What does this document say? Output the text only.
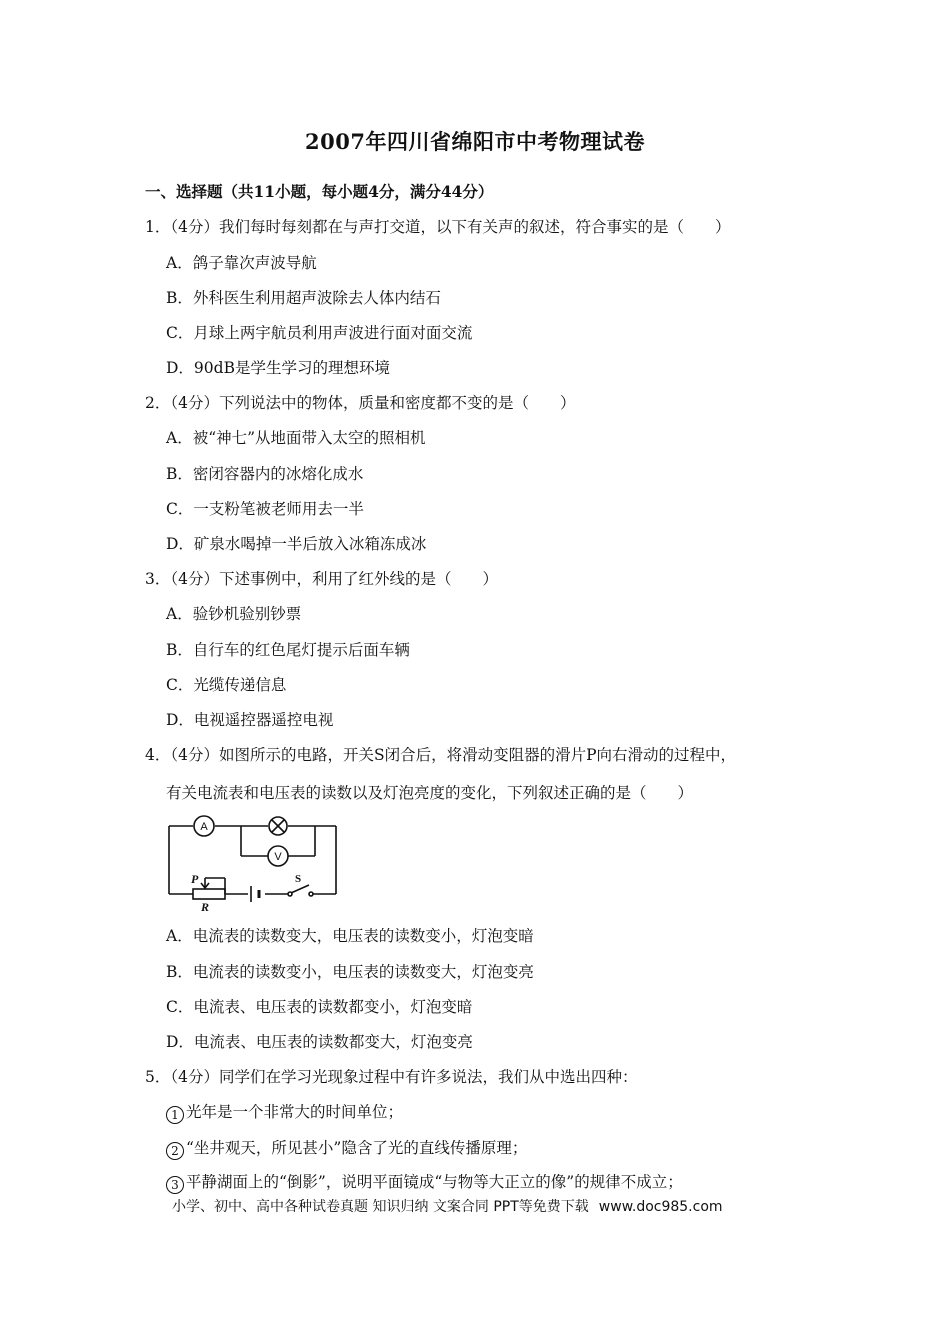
2007年四川省绵阳市中考物理试卷
一、选择题（共11小题，每小题4分，满分44分）
1．（4分）我们每时每刻都在与声打交道，以下有关声的叙述，符合事实的是（　　）
A．鸽子靠次声波导航
B．外科医生利用超声波除去人体内结石
C．月球上两宇航员利用声波进行面对面交流
D．90dB是学生学习的理想环境
2．（4分）下列说法中的物体，质量和密度都不变的是（　　）
A．被“神七”从地面带入太空的照相机
B．密闭容器内的冰熔化成水
C．一支粉笔被老师用去一半
D．矿泉水喝掉一半后放入冰箱冻成冰
3．（4分）下述事例中，利用了红外线的是（　　）
A．验钞机验别钞票
B．自行车的红色尾灯提示后面车辆
C．光缆传递信息
D．电视遥控器遥控电视
4．（4分）如图所示的电路，开关S闭合后，将滑动变阻器的滑片P向右滑动的过程中，
有关电流表和电压表的读数以及灯泡亮度的变化，下列叙述正确的是（　　）
A
V
P
R
S
A．电流表的读数变大，电压表的读数变小，灯泡变暗
B．电流表的读数变小，电压表的读数变大，灯泡变亮
C．电流表、电压表的读数都变小，灯泡变暗
D．电流表、电压表的读数都变大，灯泡变亮
5．（4分）同学们在学习光现象过程中有许多说法，我们从中选出四种：
1 光年是一个非常大的时间单位；
2 “坐井观天，所见甚小”隐含了光的直线传播原理；
3 平静湖面上的“倒影”，说明平面镜成“与物等大正立的像”的规律不成立；
小学、初中、高中各种试卷真题 知识归纳 文案合同 PPT等免费下载 www.doc985.com
